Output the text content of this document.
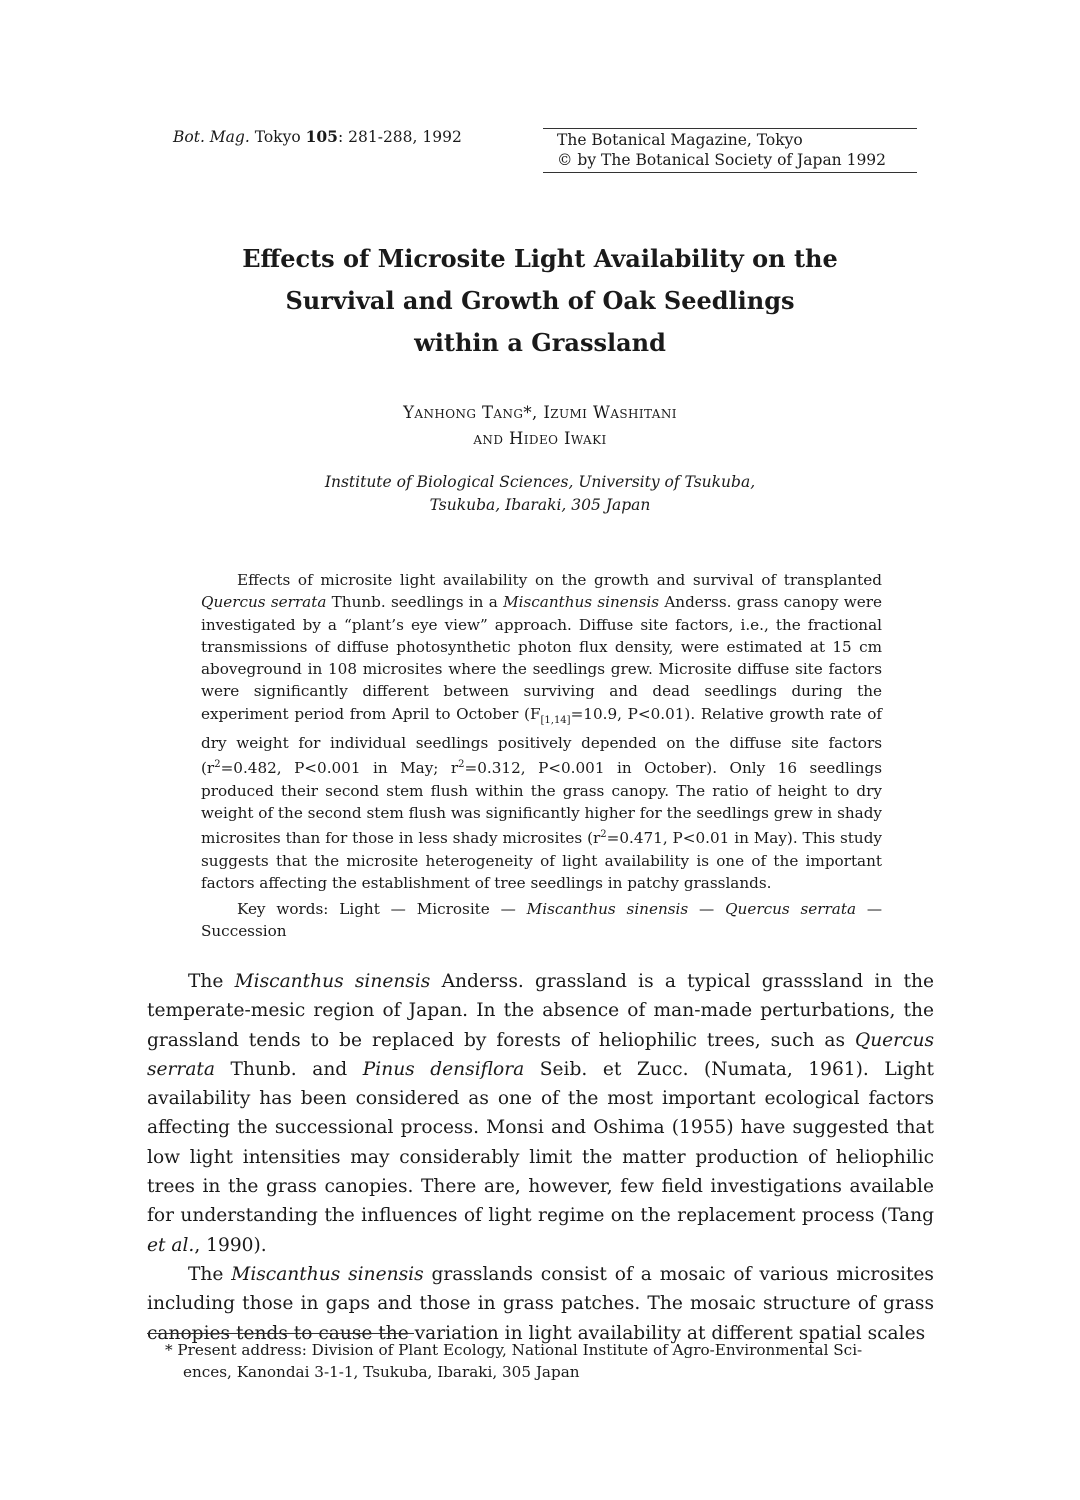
Bot. Mag. Tokyo 105: 281-288, 1992	The Botanical Magazine, Tokyo
© by The Botanical Society of Japan 1992
Effects of Microsite Light Availability on the
Survival and Growth of Oak Seedlings
within a Grassland
Yanhong Tang*, Izumi Washitani
and Hideo Iwaki
Institute of Biological Sciences, University of Tsukuba,
Tsukuba, Ibaraki, 305 Japan

Effects of microsite light availability on the growth and survival of transplanted Quercus serrata Thunb. seedlings in a Miscanthus sinensis Anderss. grass canopy were investigated by a “plant’s eye view” approach. Diffuse site factors, i.e., the fractional transmissions of diffuse photosynthetic photon flux density, were estimated at 15 cm aboveground in 108 microsites where the seedlings grew. Microsite diffuse site factors were significantly different between surviving and dead seedlings during the experiment period from April to October ($F_{[1,14]}=10.9$, P<0.01). Relative growth rate of dry weight for individual seedlings positively depended on the diffuse site factors ($r^2=0.482$, P<0.001 in May; $r^2=0.312$, P<0.001 in October). Only 16 seedlings produced their second stem flush within the grass canopy. The ratio of height to dry weight of the second stem flush was significantly higher for the seedlings grew in shady microsites than for those in less shady microsites ($r^2=0.471$, P<0.01 in May). This study suggests that the microsite heterogeneity of light availability is one of the important factors affecting the establishment of tree seedlings in patchy grasslands.

Key words: Light — Microsite — Miscanthus sinensis — Quercus serrata — Succession

The Miscanthus sinensis Anderss. grassland is a typical grasssland in the temperate-mesic region of Japan. In the absence of man-made perturbations, the grassland tends to be replaced by forests of heliophilic trees, such as Quercus serrata Thunb. and Pinus densiflora Seib. et Zucc. (Numata, 1961). Light availability has been considered as one of the most important ecological factors affecting the successional process. Monsi and Oshima (1955) have suggested that low light intensities may considerably limit the matter production of heliophilic trees in the grass canopies. There are, however, few field investigations available for understanding the influences of light regime on the replacement process (Tang et al., 1990).

The Miscanthus sinensis grasslands consist of a mosaic of various microsites including those in gaps and those in grass patches. The mosaic structure of grass canopies tends to cause the variation in light availability at different spatial scales

* Present address: Division of Plant Ecology, National Institute of Agro-Environmental Sci-
ences, Kanondai 3-1-1, Tsukuba, Ibaraki, 305 Japan
